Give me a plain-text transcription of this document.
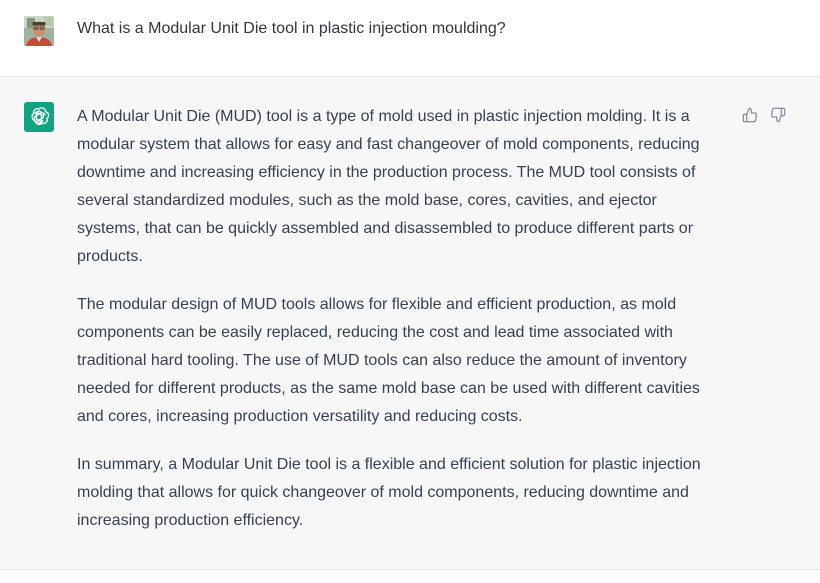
What is a Modular Unit Die tool in plastic injection moulding?

A Modular Unit Die (MUD) tool is a type of mold used in plastic injection molding. It is a
modular system that allows for easy and fast changeover of mold components, reducing
downtime and increasing efficiency in the production process. The MUD tool consists of
several standardized modules, such as the mold base, cores, cavities, and ejector
systems, that can be quickly assembled and disassembled to produce different parts or
products.

The modular design of MUD tools allows for flexible and efficient production, as mold
components can be easily replaced, reducing the cost and lead time associated with
traditional hard tooling. The use of MUD tools can also reduce the amount of inventory
needed for different products, as the same mold base can be used with different cavities
and cores, increasing production versatility and reducing costs.

In summary, a Modular Unit Die tool is a flexible and efficient solution for plastic injection
molding that allows for quick changeover of mold components, reducing downtime and
increasing production efficiency.
